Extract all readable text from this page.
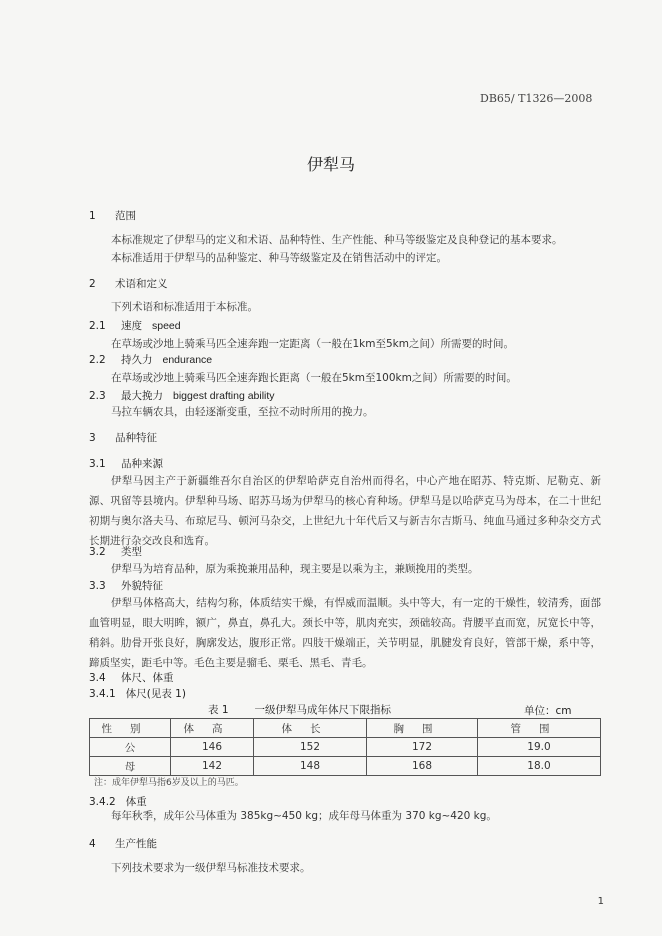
DB65/ T1326—2008
伊犁马
1 范围
本标准规定了伊犁马的定义和术语、品种特性、生产性能、种马等级鉴定及良种登记的基本要求。
本标准适用于伊犁马的品种鉴定、种马等级鉴定及在销售活动中的评定。
2 术语和定义
下列术语和标准适用于本标准。
2.1 速度 speed
在草场或沙地上骑乘马匹全速奔跑一定距离（一般在1km至5km之间）所需要的时间。
2.2 持久力 endurance
在草场或沙地上骑乘马匹全速奔跑长距离（一般在5km至100km之间）所需要的时间。
2.3 最大挽力 biggest drafting ability
马拉车辆农具，由轻逐渐变重，至拉不动时所用的挽力。
3 品种特征
3.1 品种来源
伊犁马因主产于新疆维吾尔自治区的伊犁哈萨克自治州而得名，中心产地在昭苏、特克斯、尼勒克、新源、巩留等县境内。伊犁种马场、昭苏马场为伊犁马的核心育种场。伊犁马是以哈萨克马为母本，在二十世纪初期与奥尔洛夫马、布琼尼马、顿河马杂交，上世纪九十年代后又与新吉尔吉斯马、纯血马通过多种杂交方式长期进行杂交改良和选育。
3.2 类型
伊犁马为培育品种，原为乘挽兼用品种，现主要是以乘为主，兼顾挽用的类型。
3.3 外貌特征
伊犁马体格高大，结构匀称，体质结实干燥，有悍威而温顺。头中等大，有一定的干燥性，较清秀，面部血管明显，眼大明眸，额广，鼻直，鼻孔大。颈长中等，肌肉充实，颈础较高。背腰平直而宽，尻宽长中等，稍斜。肋骨开张良好，胸廓发达，腹形正常。四肢干燥端正，关节明显，肌腱发育良好，管部干燥，系中等，蹄质坚实，距毛中等。毛色主要是骝毛、栗毛、黑毛、青毛。
3.4 体尺、体重
3.4.1 体尺(见表 1)
表 1 一级伊犁马成年体尺下限指标	单位：cm
性别	体高	体长	胸围	管围
公	146	152	172	19.0
母	142	148	168	18.0
注：成年伊犁马指6岁及以上的马匹。
3.4.2 体重
每年秋季，成年公马体重为 385kg~450 kg；成年母马体重为 370 kg~420 kg。
4 生产性能
下列技术要求为一级伊犁马标准技术要求。
1
